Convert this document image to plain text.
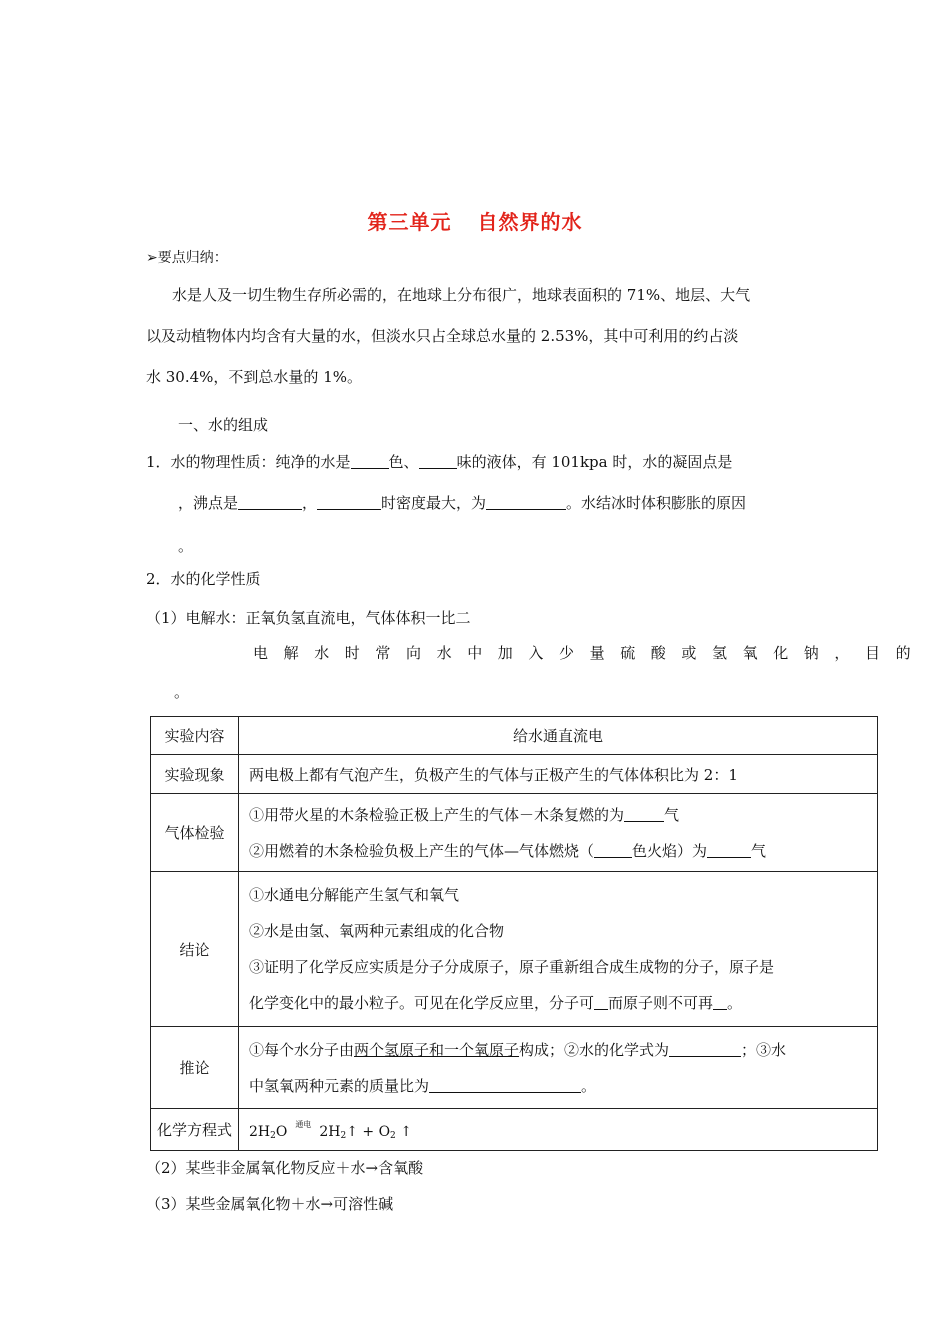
第三单元 自然界的水
➢要点归纳：
水是人及一切生物生存所必需的，在地球上分布很广，地球表面积的 71%、地层、大气
以及动植物体内均含有大量的水，但淡水只占全球总水量的 2.53%，其中可利用的约占淡
水 30.4%，不到总水量的 1%。
一、水的组成
1．水的物理性质：纯净的水是	色、	味的液体，有 101kpa 时，水的凝固点是
，沸点是	，	时密度最大，为	。水结冰时体积膨胀的原因
。
2．水的化学性质
（1）电解水：正氧负氢直流电，气体体积一比二
电解水时常向水中加入少量硫酸或氢氧化钠，目的
。
实验内容	给水通直流电
实验现象	两电极上都有气泡产生，负极产生的气体与正极产生的气体体积比为 2：1
气体检验	①用带火星的木条检验正极上产生的气体－木条复燃的为 气
②用燃着的木条检验负极上产生的气体—气体燃烧（ 色火焰）为 气

结论	①水通电分解能产生氢气和氧气
②水是由氢、氧两种元素组成的化合物
③证明了化学反应实质是分子分成原子，原子重新组合成生成物的分子，原子是
化学变化中的最小粒子。可见在化学反应里，分子可 而原子则不可再 。

推论	①每个水分子由两个氢原子和一个氧原子构成；②水的化学式为 ；③水
中氢氧两种元素的质量比为 。

化学方程式	$2H_2O$ $^{通电}$ $2H_2↑ + O_2$ ↑
（2）某些非金属氧化物反应＋水→含氧酸
（3）某些金属氧化物＋水→可溶性碱
